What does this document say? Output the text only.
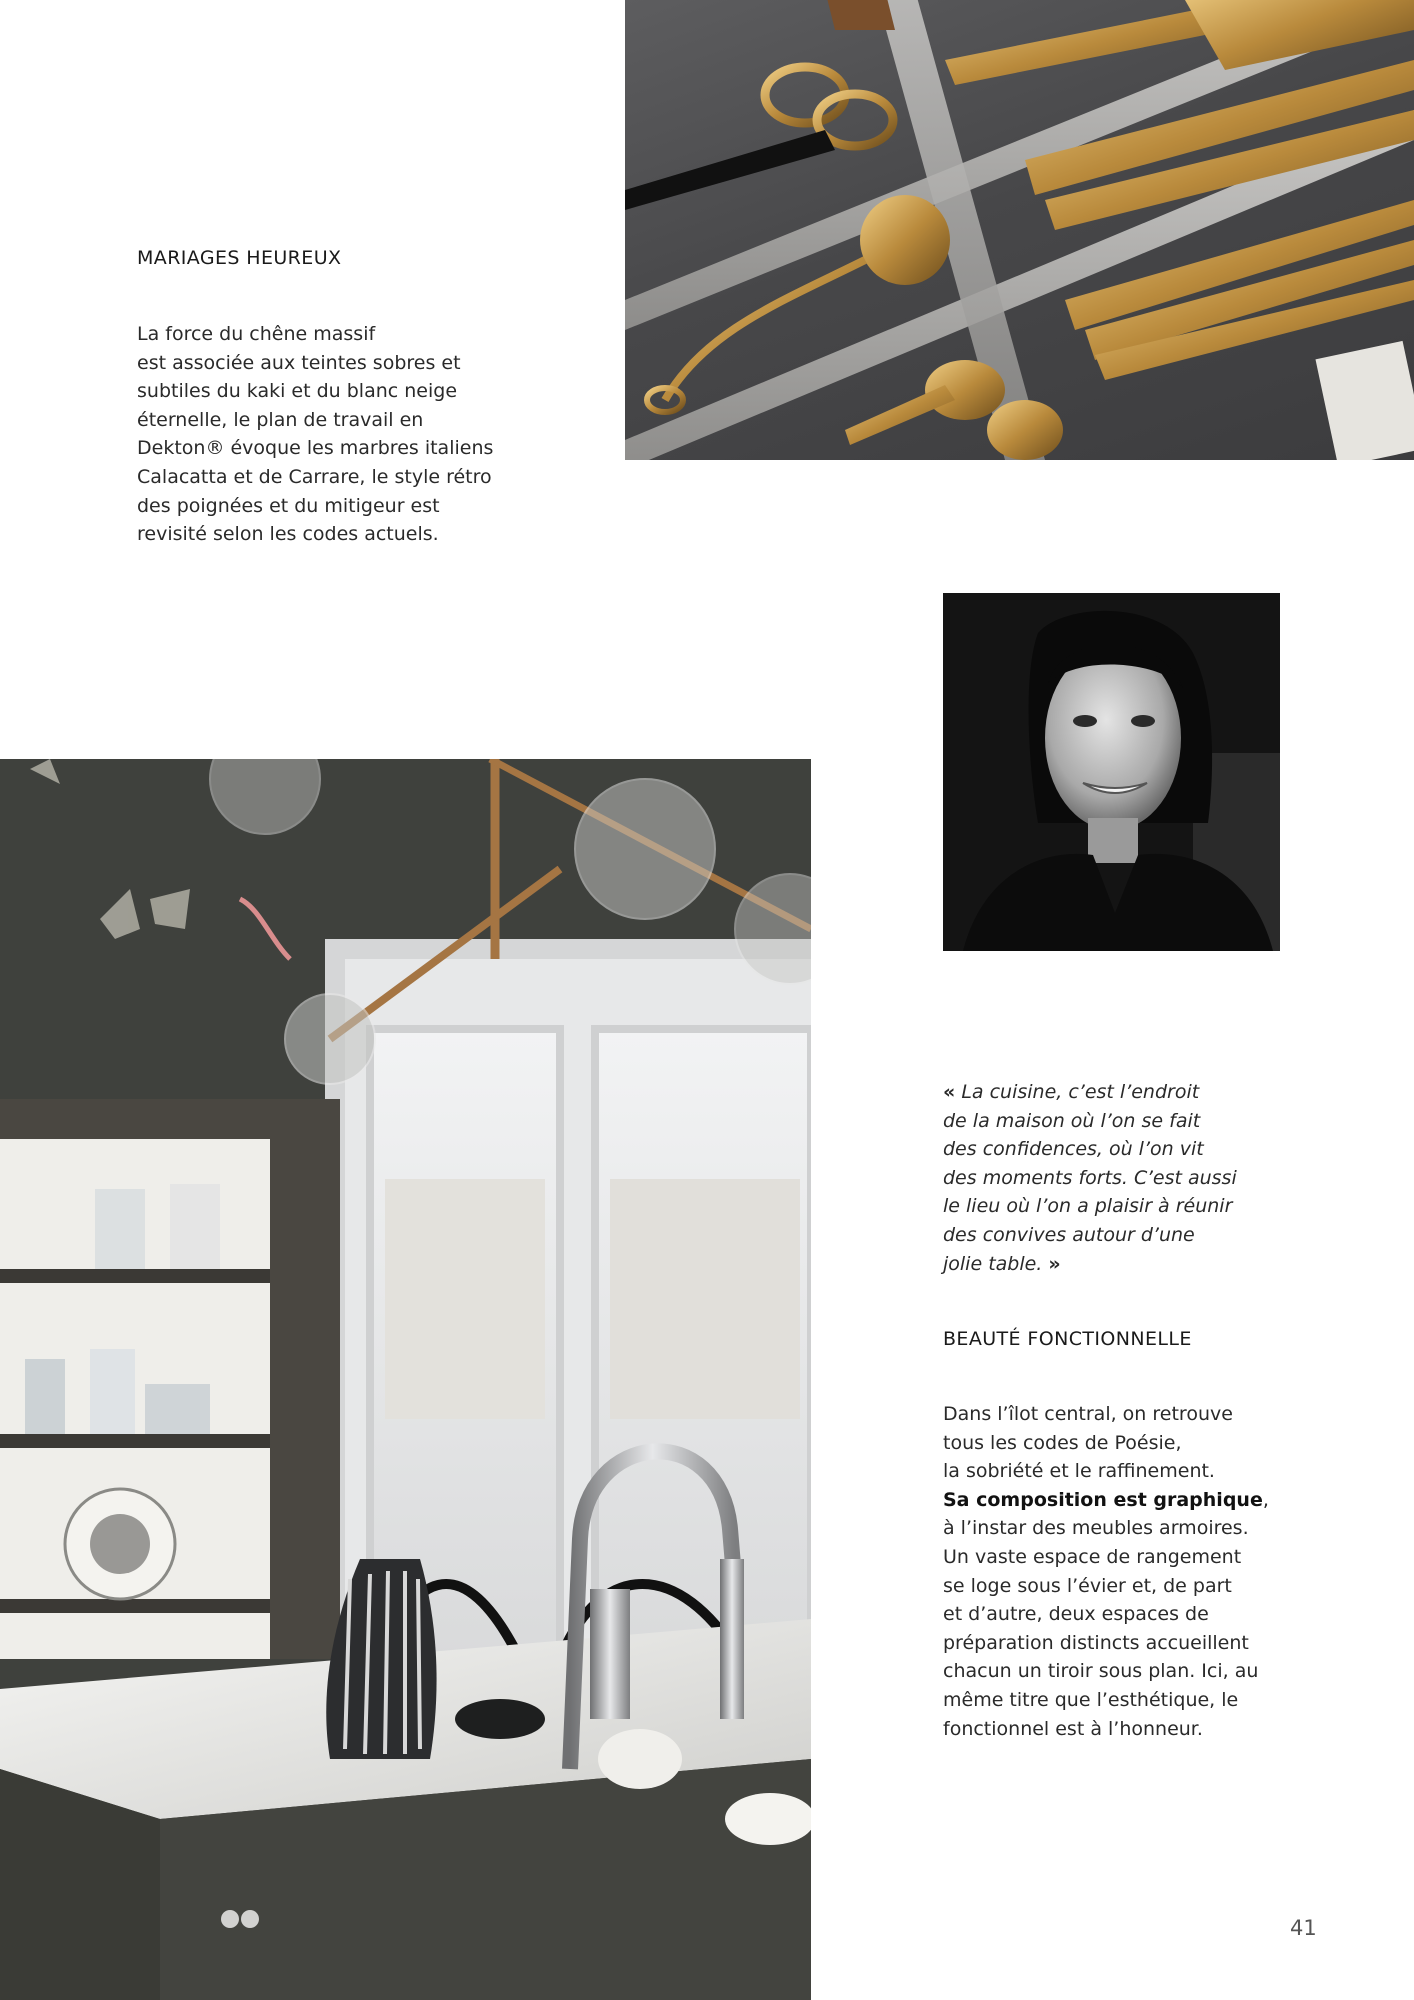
MARIAGES HEUREUX

La force du chêne massif
est associée aux teintes sobres et
subtiles du kaki et du blanc neige
éternelle, le plan de travail en
Dekton® évoque les marbres italiens
Calacatta et de Carrare, le style rétro
des poignées et du mitigeur est
revisité selon les codes actuels.

« La cuisine, c’est l’endroit
de la maison où l’on se fait
des confidences, où l’on vit
des moments forts. C’est aussi
le lieu où l’on a plaisir à réunir
des convives autour d’une
jolie table. »

BEAUTÉ FONCTIONNELLE

Dans l’îlot central, on retrouve
tous les codes de Poésie,
la sobriété et le raffinement.
Sa composition est graphique,
à l’instar des meubles armoires.
Un vaste espace de rangement
se loge sous l’évier et, de part
et d’autre, deux espaces de
préparation distincts accueillent
chacun un tiroir sous plan. Ici, au
même titre que l’esthétique, le
fonctionnel est à l’honneur.

41
